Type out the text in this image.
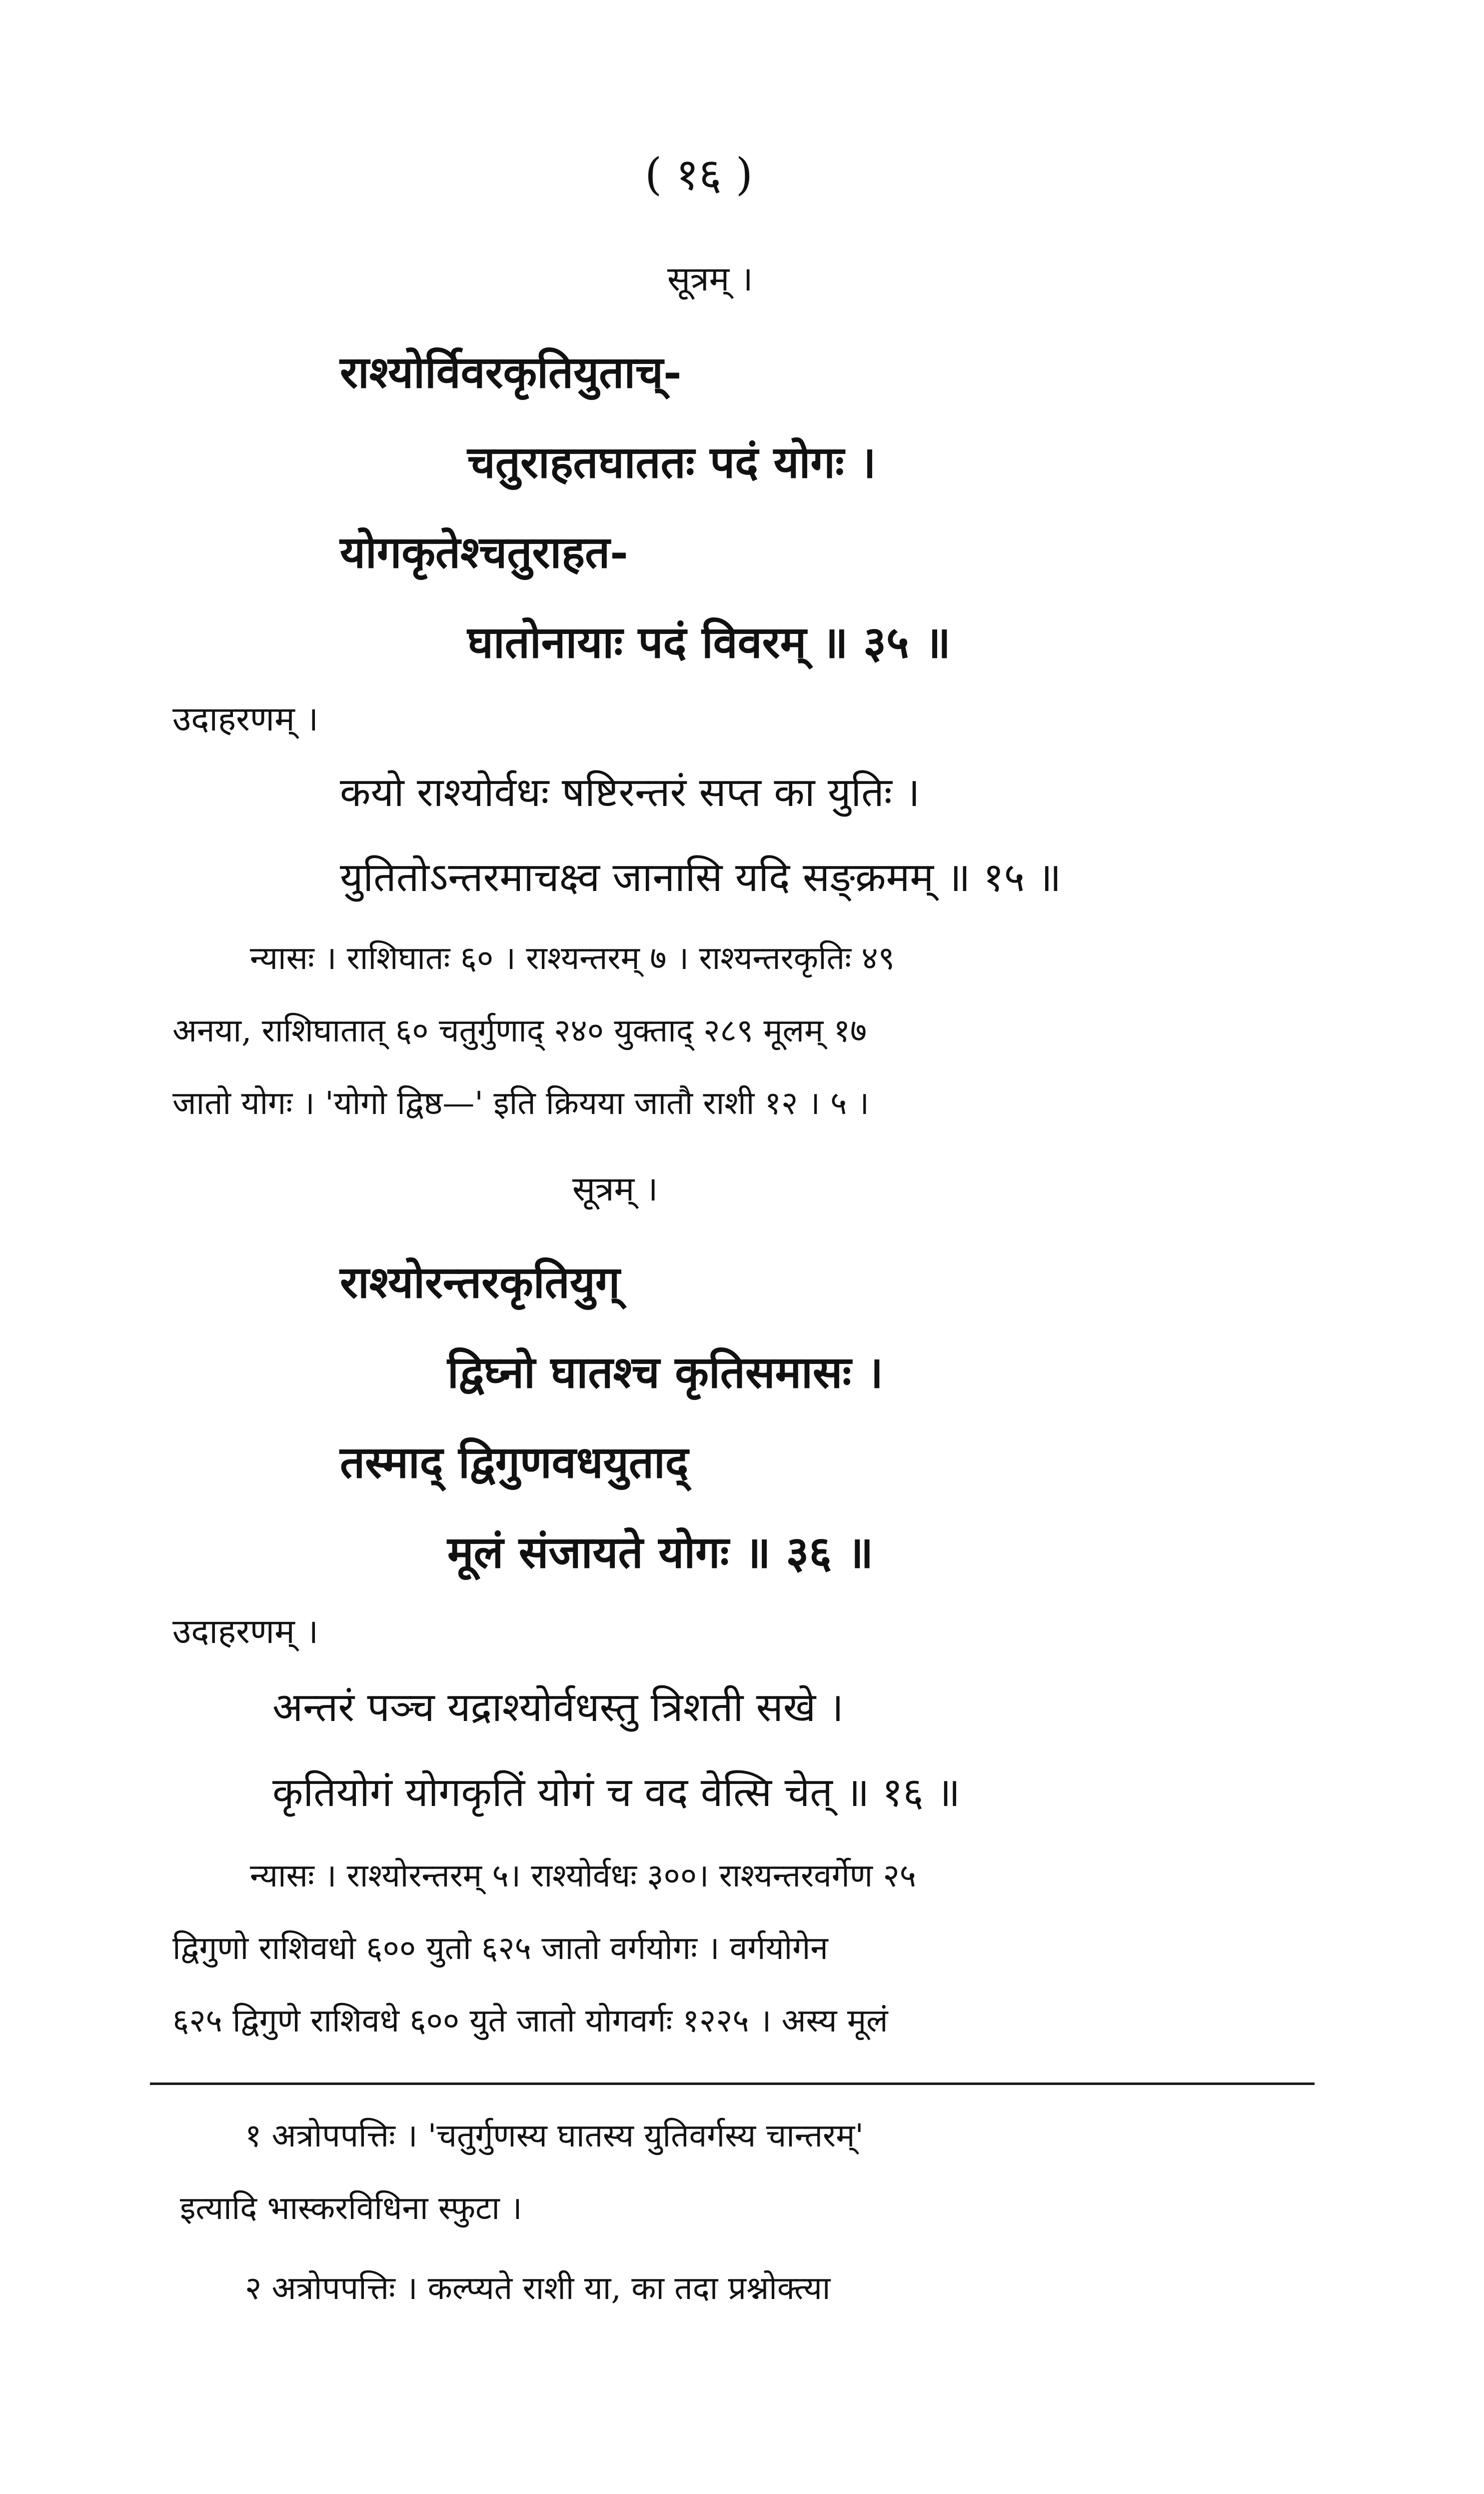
( १६ )
सूत्रम् ।
राश्योर्विवरकृतियुताच्-
चतुराहतघाततः पदं योगः ।
योगकृतेश्चतुराहत-
घातोनायाः पदं विवरम् ॥ ३५ ॥
उदाहरणम् ।
कयो राश्योर्वधः षष्टिरन्तरं सप्त का युतिः ।
युतितोऽन्तरमाचक्ष्व जानासि यदि सङ्क्रमम् ॥ १५ ॥
न्यासः । राशिघातः ६० । राश्यन्तरम् ७ । राश्यन्तरकृतिः ४९
अनया, राशिघातात् ६० चतुर्गुणाद् २४० युक्ताद् २८९ मूलम् १७
जातो योगः । 'योगो द्विष्ठ—' इति क्रियया जातौ राशी १२ । ५ ।
सूत्रम् ।
राश्योरन्तरकृतियुग्
द्विघ्नो घातश्च कृतिसमासः ।
तस्माद् द्विगुणवधयुताद्
मूलं संजायते योगः ॥ ३६ ॥
उदाहरणम् ।
अन्तरं पञ्च यद्राश्योर्वधस्तु त्रिशती सखे ।
कृतियोगं योगकृतिं योगं च वद वेत्सि चेत् ॥ १६ ॥
न्यासः । राश्योरन्तरम् ५। राश्योर्वधः ३००। राश्यन्तरवर्गेण २५
द्विगुणो राशिवधो ६०० युतो ६२५ जातो वर्गयोगः । वर्गयोगेन
६२५ द्विगुणे राशिवधे ६०० युते जातो योगवर्गः १२२५ । अस्य मूलं
१ अत्रोपपत्तिः । 'चतुर्गुणस्य घातस्य युतिवर्गस्य चान्तरम्'
इत्यादि भास्करविधिना स्फुटा ।
२ अत्रोपपत्तिः । कल्प्यते राशी या, का तदा प्रश्नोक्त्या
